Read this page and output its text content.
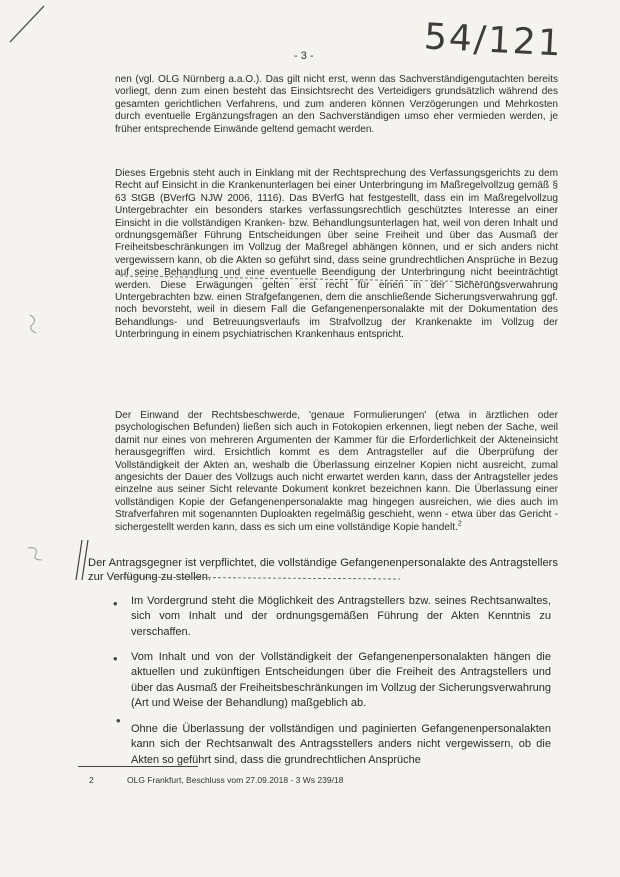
54/121
- 3 -

nen (vgl. OLG Nürnberg a.a.O.). Das gilt nicht erst, wenn das Sachverständigengutachten bereits vorliegt, denn zum einen besteht das Einsichtsrecht des Verteidigers grundsätzlich während des gesamten gerichtlichen Verfahrens, und zum anderen können Verzögerungen und Mehrkosten durch eventuelle Ergänzungsfragen an den Sachverständigen umso eher vermieden werden, je früher entsprechende Einwände geltend gemacht werden.

Dieses Ergebnis steht auch in Einklang mit der Rechtsprechung des Verfassungsgerichts zu dem Recht auf Einsicht in die Krankenunterlagen bei einer Unterbringung im Maßregelvollzug gemäß § 63 StGB (BVerfG NJW 2006, 1116). Das BVerfG hat festgestellt, dass ein im Maßregelvollzug Untergebrachter ein besonders starkes verfassungsrechtlich geschütztes Interesse an einer Einsicht in die vollständigen Kranken- bzw. Behandlungsunterlagen hat, weil von deren Inhalt und ordnungsgemäßer Führung Entscheidungen über seine Freiheit und über das Ausmaß der Freiheitsbeschränkungen im Vollzug der Maßregel abhängen können, und er sich anders nicht vergewissern kann, ob die Akten so geführt sind, dass seine grundrechtlichen Ansprüche in Bezug auf seine Behandlung und eine eventuelle Beendigung der Unterbringung nicht beeinträchtigt werden. Diese Erwägungen gelten erst recht für einen in der Sicherungsverwahrung Untergebrachten bzw. einen Strafgefangenen, dem die anschließende Sicherungsverwahrung ggf. noch bevorsteht, weil in diesem Fall die Gefangenenpersonalakte mit der Dokumentation des Behandlungs- und Betreuungsverlaufs im Strafvollzug der Krankenakte im Vollzug der Unterbringung in einem psychiatrischen Krankenhaus entspricht.

Der Einwand der Rechtsbeschwerde, 'genaue Formulierungen' (etwa in ärztlichen oder psychologischen Befunden) ließen sich auch in Fotokopien erkennen, liegt neben der Sache, weil damit nur eines von mehreren Argumenten der Kammer für die Erforderlichkeit der Akteneinsicht herausgegriffen wird. Ersichtlich kommt es dem Antragsteller auf die Überprüfung der Vollständigkeit der Akten an, weshalb die Überlassung einzelner Kopien nicht ausreicht, zumal angesichts der Dauer des Vollzugs auch nicht erwartet werden kann, dass der Antragsteller jedes einzelne aus seiner Sicht relevante Dokument konkret bezeichnen kann. Die Überlassung einer vollständigen Kopie der Gefangenenpersonalakte mag hingegen ausreichen, wie dies auch im Strafverfahren mit sogenannten Duploakten regelmäßig geschieht, wenn - etwa über das Gericht - sichergestellt werden kann, dass es sich um eine vollständige Kopie handelt.$^2$

Der Antragsgegner ist verpflichtet, die vollständige Gefangenenpersonalakte des Antragstellers zur Verfügung zu stellen.

• Im Vordergrund steht die Möglichkeit des Antragstellers bzw. seines Rechtsanwaltes, sich vom Inhalt und der ordnungsgemäßen Führung der Akten Kenntnis zu verschaffen.

• Vom Inhalt und von der Vollständigkeit der Gefangenenpersonalakten hängen die aktuellen und zukünftigen Entscheidungen über die Freiheit des Antragstellers und über das Ausmaß der Freiheitsbeschränkungen im Vollzug der Sicherungsverwahrung (Art und Weise der Behandlung) maßgeblich ab.

•

Ohne die Überlassung der vollständigen und paginierten Gefangenenpersonalakten kann sich der Rechtsanwalt des Antragsstellers anders nicht vergewissern, ob die Akten so geführt sind, dass die grundrechtlichen Ansprüche

2	OLG Frankfurt, Beschluss vom 27.09.2018 - 3 Ws 239/18
